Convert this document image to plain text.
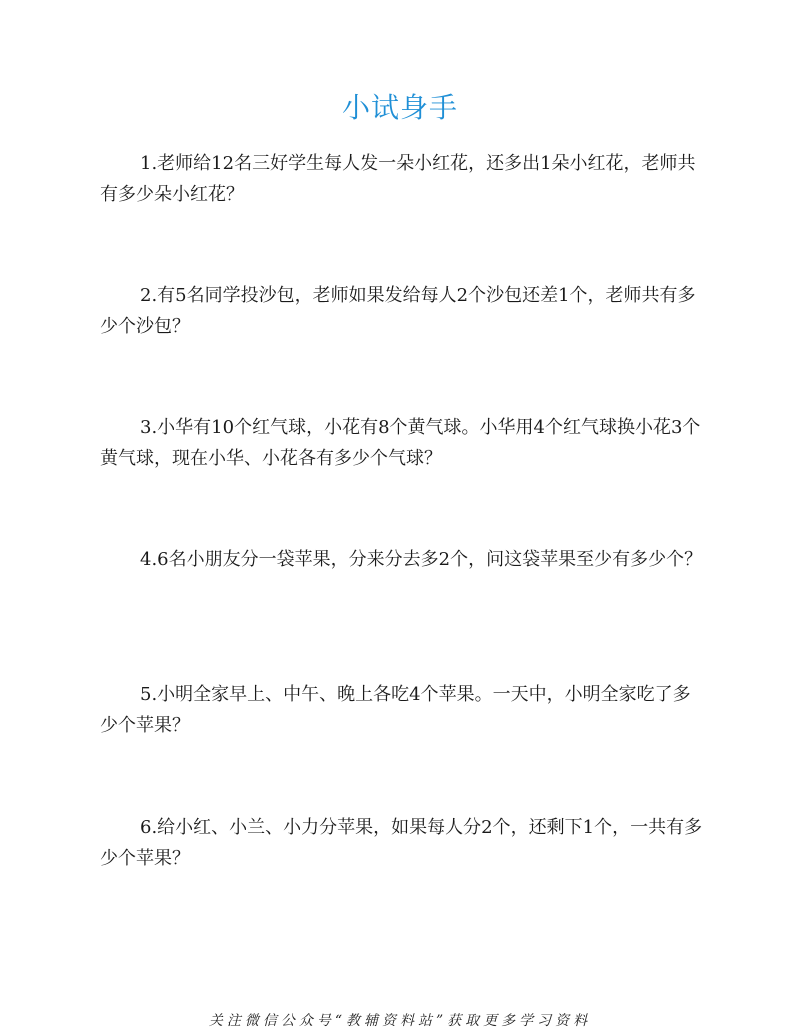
小试身手

1.老师给12名三好学生每人发一朵小红花，还多出1朵小红花，老师共有多少朵小红花？

2.有5名同学投沙包，老师如果发给每人2个沙包还差1个，老师共有多少个沙包？

3.小华有10个红气球，小花有8个黄气球。小华用4个红气球换小花3个黄气球，现在小华、小花各有多少个气球？

4.6名小朋友分一袋苹果，分来分去多2个，问这袋苹果至少有多少个？

5.小明全家早上、中午、晚上各吃4个苹果。一天中，小明全家吃了多少个苹果？

6.给小红、小兰、小力分苹果，如果每人分2个，还剩下1个，一共有多少个苹果？

关注微信公众号“教辅资料站”获取更多学习资料
